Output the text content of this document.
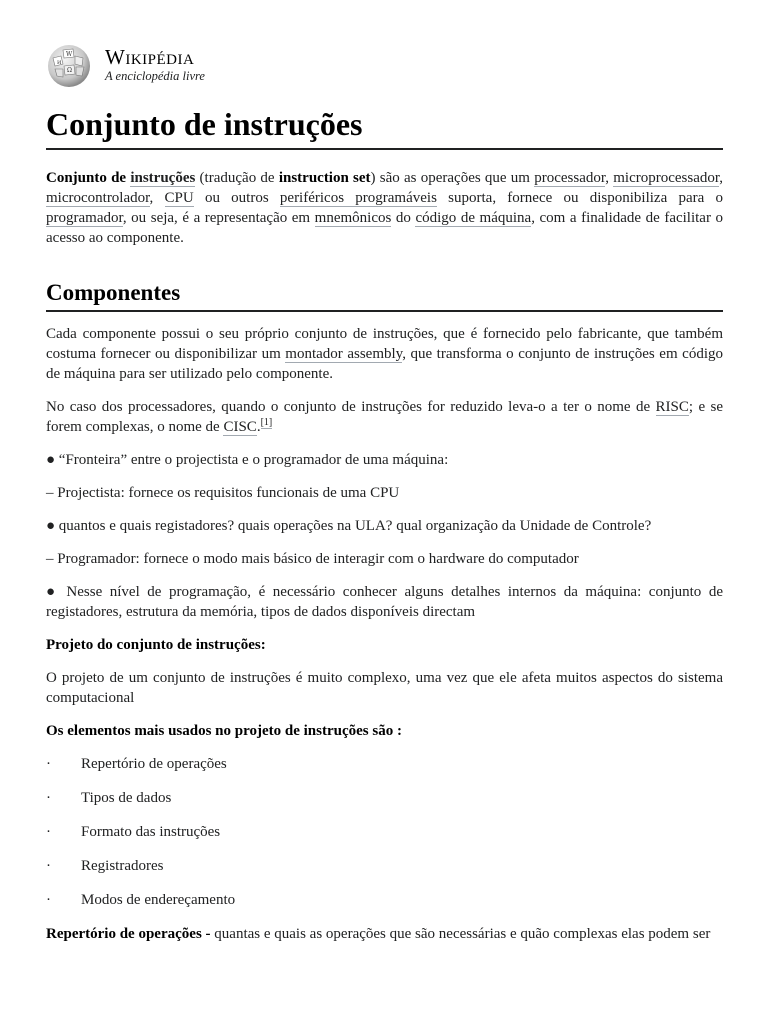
W
Ω
И Wikipédia
A enciclopédia livre
Conjunto de instruções

Conjunto de instruções (tradução de instruction set) são as operações que um processador, microprocessador, microcontrolador, CPU ou outros periféricos programáveis suporta, fornece ou disponibiliza para o programador, ou seja, é a representação em mnemônicos do código de máquina, com a finalidade de facilitar o acesso ao componente.

Componentes

Cada componente possui o seu próprio conjunto de instruções, que é fornecido pelo fabricante, que também costuma fornecer ou disponibilizar um montador assembly, que transforma o conjunto de instruções em código de máquina para ser utilizado pelo componente.

No caso dos processadores, quando o conjunto de instruções for reduzido leva-o a ter o nome de RISC; e se forem complexas, o nome de CISC.[1]

● “Fronteira” entre o projectista e o programador de uma máquina:

– Projectista: fornece os requisitos funcionais de uma CPU

● quantos e quais registadores? quais operações na ULA? qual organização da Unidade de Controle?

– Programador: fornece o modo mais básico de interagir com o hardware do computador

● Nesse nível de programação, é necessário conhecer alguns detalhes internos da máquina: conjunto de registadores, estrutura da memória, tipos de dados disponíveis directam

Projeto do conjunto de instruções:

O projeto de um conjunto de instruções é muito complexo, uma vez que ele afeta muitos aspectos do sistema computacional

Os elementos mais usados no projeto de instruções são :

·	Repertório de operações
·	Tipos de dados
·	Formato das instruções
·	Registradores
·	Modos de endereçamento

Repertório de operações - quantas e quais as operações que são necessárias e quão complexas elas podem ser
